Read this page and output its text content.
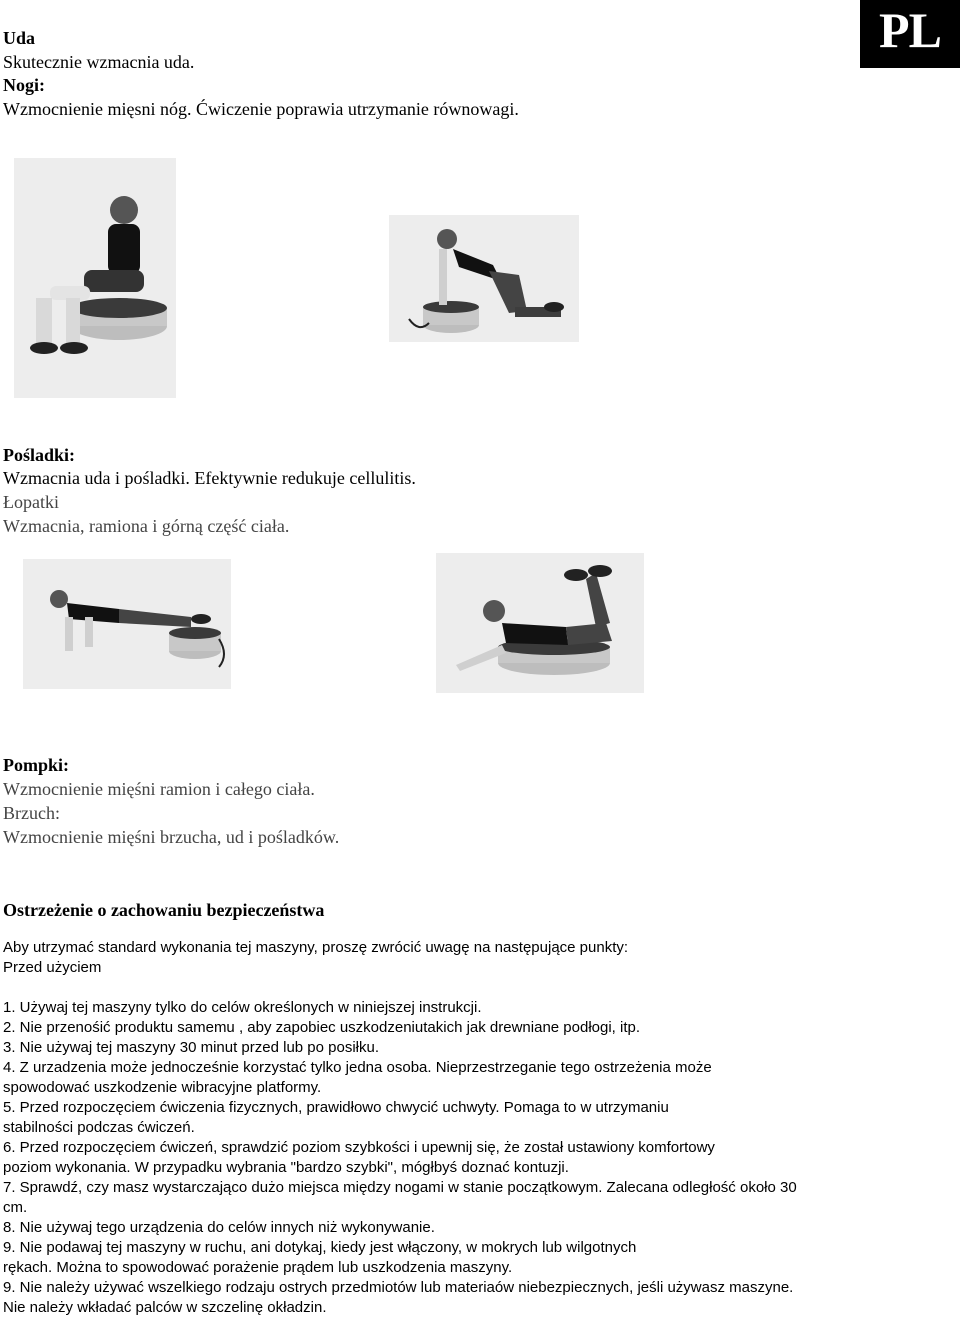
PL
Uda
Skutecznie wzmacnia uda.
Nogi:
Wzmocnienie mięsni nóg. Ćwiczenie poprawia utrzymanie równowagi.
Pośladki:
Wzmacnia uda i pośladki. Efektywnie redukuje cellulitis.
Łopatki
Wzmacnia, ramiona i górną część ciała.
Pompki:
Wzmocnienie mięśni ramion i całego ciała.
Brzuch:
Wzmocnienie mięśni brzucha, ud i pośladków.
Ostrzeżenie o zachowaniu bezpieczeństwa
Aby utrzymać standard wykonania tej maszyny, proszę zwrócić uwagę na następujące punkty:
Przed użyciem
1. Używaj tej maszyny tylko do celów określonych w niniejszej instrukcji.
2. Nie przenośić produktu samemu , aby zapobiec uszkodzeniutakich jak drewniane podłogi, itp.
3. Nie używaj tej maszyny 30 minut przed lub po posiłku.
4. Z urzadzenia może jednocześnie korzystać tylko jedna osoba. Nieprzestrzeganie tego ostrzeżenia może
spowodować uszkodzenie wibracyjne platformy.
5. Przed rozpoczęciem ćwiczenia fizycznych, prawidłowo chwycić uchwyty. Pomaga to w utrzymaniu
stabilności podczas ćwiczeń.
6. Przed rozpoczęciem ćwiczeń, sprawdzić poziom szybkości i upewnij się, że został ustawiony komfortowy
poziom wykonania. W przypadku wybrania "bardzo szybki", mógłbyś doznać kontuzji.
7. Sprawdź, czy masz wystarczająco dużo miejsca między nogami w stanie początkowym. Zalecana odległość około 30
cm.
8. Nie używaj tego urządzenia do celów innych niż wykonywanie.
9. Nie podawaj tej maszyny w ruchu, ani dotykaj, kiedy jest włączony, w mokrych lub wilgotnych
rękach. Można to spowodować porażenie prądem lub uszkodzenia maszyny.
9. Nie należy używać wszelkiego rodzaju ostrych przedmiotów lub materiaów niebezpiecznych, jeśli używasz maszyne.
Nie należy wkładać palców w szczelinę okładzin.
